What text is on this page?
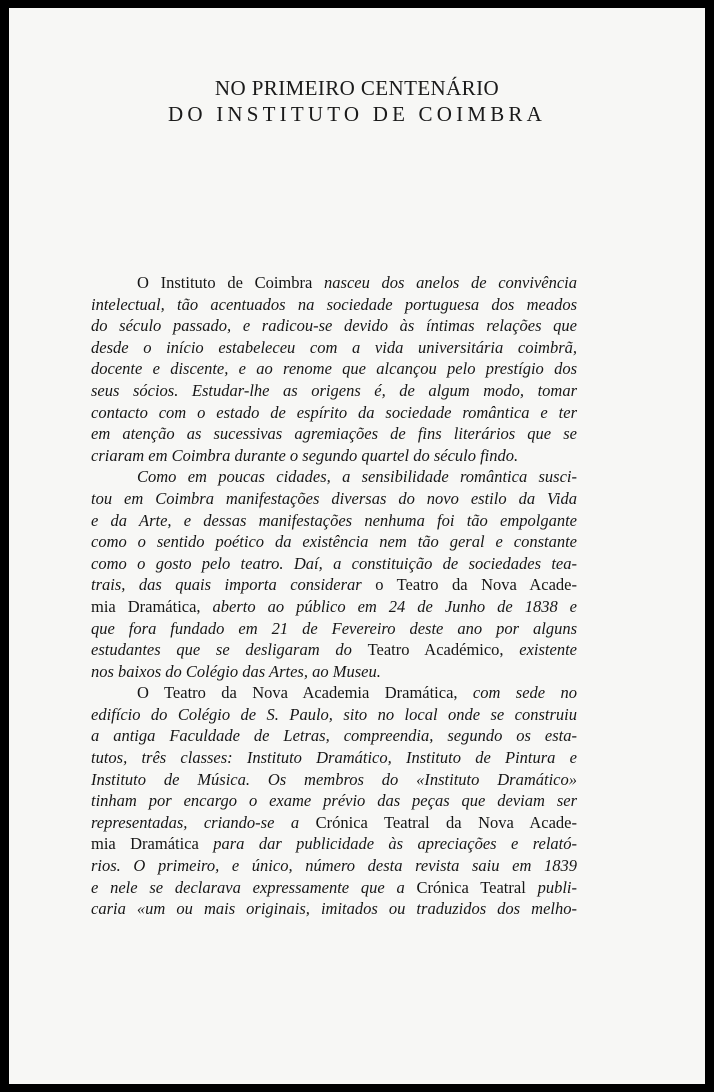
NO PRIMEIRO CENTENÁRIO
DO INSTITUTO DE COIMBRA
O Instituto de Coimbra nasceu dos anelos de convivência
intelectual, tão acentuados na sociedade portuguesa dos meados
do século passado, e radicou-se devido às íntimas relações que
desde o início estabeleceu com a vida universitária coimbrã,
docente e discente, e ao renome que alcançou pelo prestígio dos
seus sócios. Estudar-lhe as origens é, de algum modo, tomar
contacto com o estado de espírito da sociedade romântica e ter
em atenção as sucessivas agremiações de fins literários que se
criaram em Coimbra durante o segundo quartel do século findo.
Como em poucas cidades, a sensibilidade romântica susci-
tou em Coimbra manifestações diversas do novo estilo da Vida
e da Arte, e dessas manifestações nenhuma foi tão empolgante
como o sentido poético da existência nem tão geral e constante
como o gosto pelo teatro. Daí, a constituição de sociedades tea-
trais, das quais importa considerar o Teatro da Nova Acade-
mia Dramática, aberto ao público em 24 de Junho de 1838 e
que fora fundado em 21 de Fevereiro deste ano por alguns
estudantes que se desligaram do Teatro Académico, existente
nos baixos do Colégio das Artes, ao Museu.
O Teatro da Nova Academia Dramática, com sede no
edifício do Colégio de S. Paulo, sito no local onde se construiu
a antiga Faculdade de Letras, compreendia, segundo os esta-
tutos, três classes: Instituto Dramático, Instituto de Pintura e
Instituto de Música. Os membros do «Instituto Dramático»
tinham por encargo o exame prévio das peças que deviam ser
representadas, criando-se a Crónica Teatral da Nova Acade-
mia Dramática para dar publicidade às apreciações e relató-
rios. O primeiro, e único, número desta revista saiu em 1839
e nele se declarava expressamente que a Crónica Teatral publi-
caria «um ou mais originais, imitados ou traduzidos dos melho-
